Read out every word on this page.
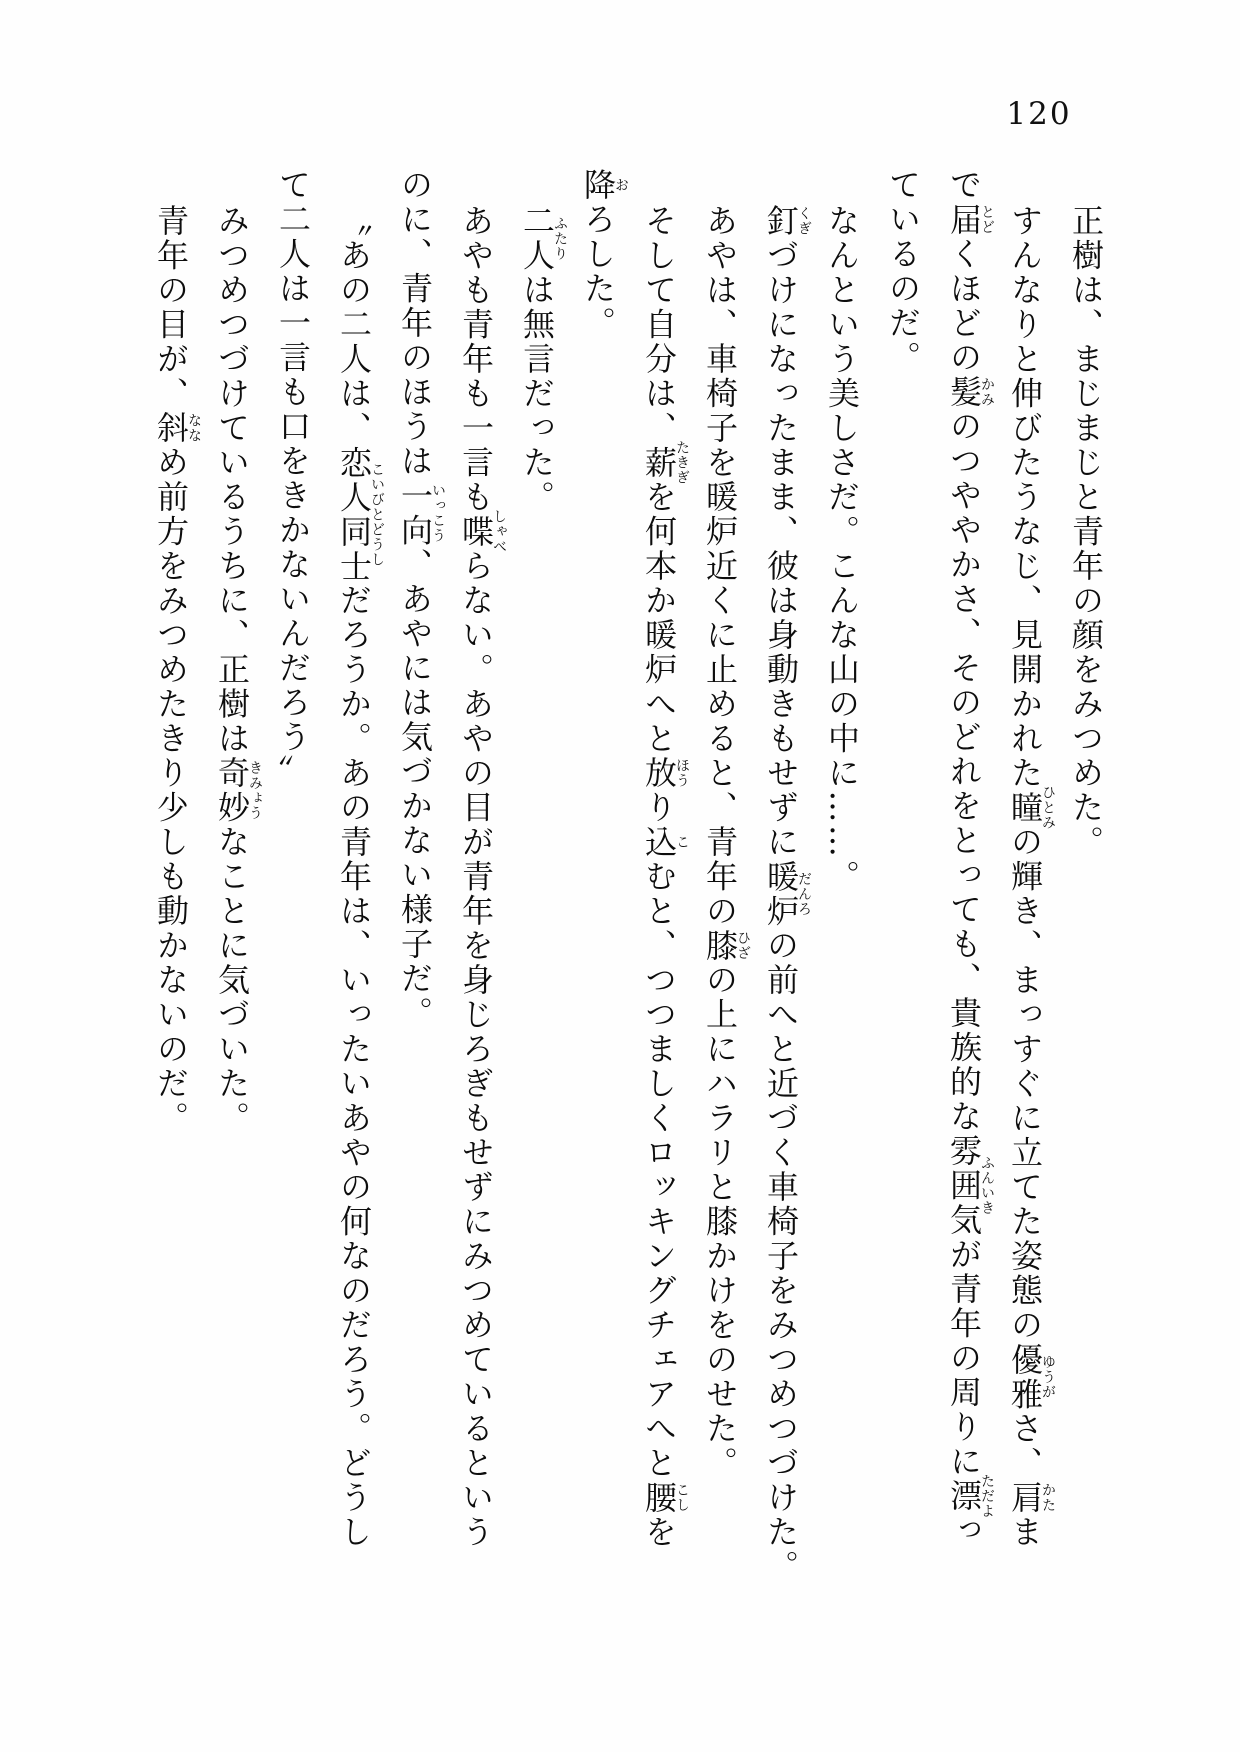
120

正樹は、まじまじと青年の顔をみつめた。

すんなりと伸びたうなじ、見開かれた瞳ひとみの輝き、まっすぐに立てた姿態の優雅ゆうがさ、肩かたま

で届とどくほどの髪かみのつややかさ、そのどれをとっても、貴族的な雰囲気ふんいきが青年の周りに漂ただよっ

ているのだ。

なんという美しさだ。こんな山の中に……。

釘くぎづけになったまま、彼は身動きもせずに暖炉だんろの前へと近づく車椅子をみつめつづけた。

あやは、車椅子を暖炉近くに止めると、青年の膝ひざの上にハラリと膝かけをのせた。

そして自分は、薪たきぎを何本か暖炉へと放ほうり込こむと、つつましくロッキングチェアへと腰こしを

降おろした。

二人ふたりは無言だった。

あやも青年も一言も喋しゃべらない。あやの目が青年を身じろぎもせずにみつめているという

のに、青年のほうは一向いっこう、あやには気づかない様子だ。

〝あの二人は、恋人同士こいびとどうしだろうか。あの青年は、いったいあやの何なのだろう。どうし

て二人は一言も口をきかないんだろう〟

みつめつづけているうちに、正樹は奇妙きみょうなことに気づいた。

青年の目が、斜ななめ前方をみつめたきり少しも動かないのだ。
